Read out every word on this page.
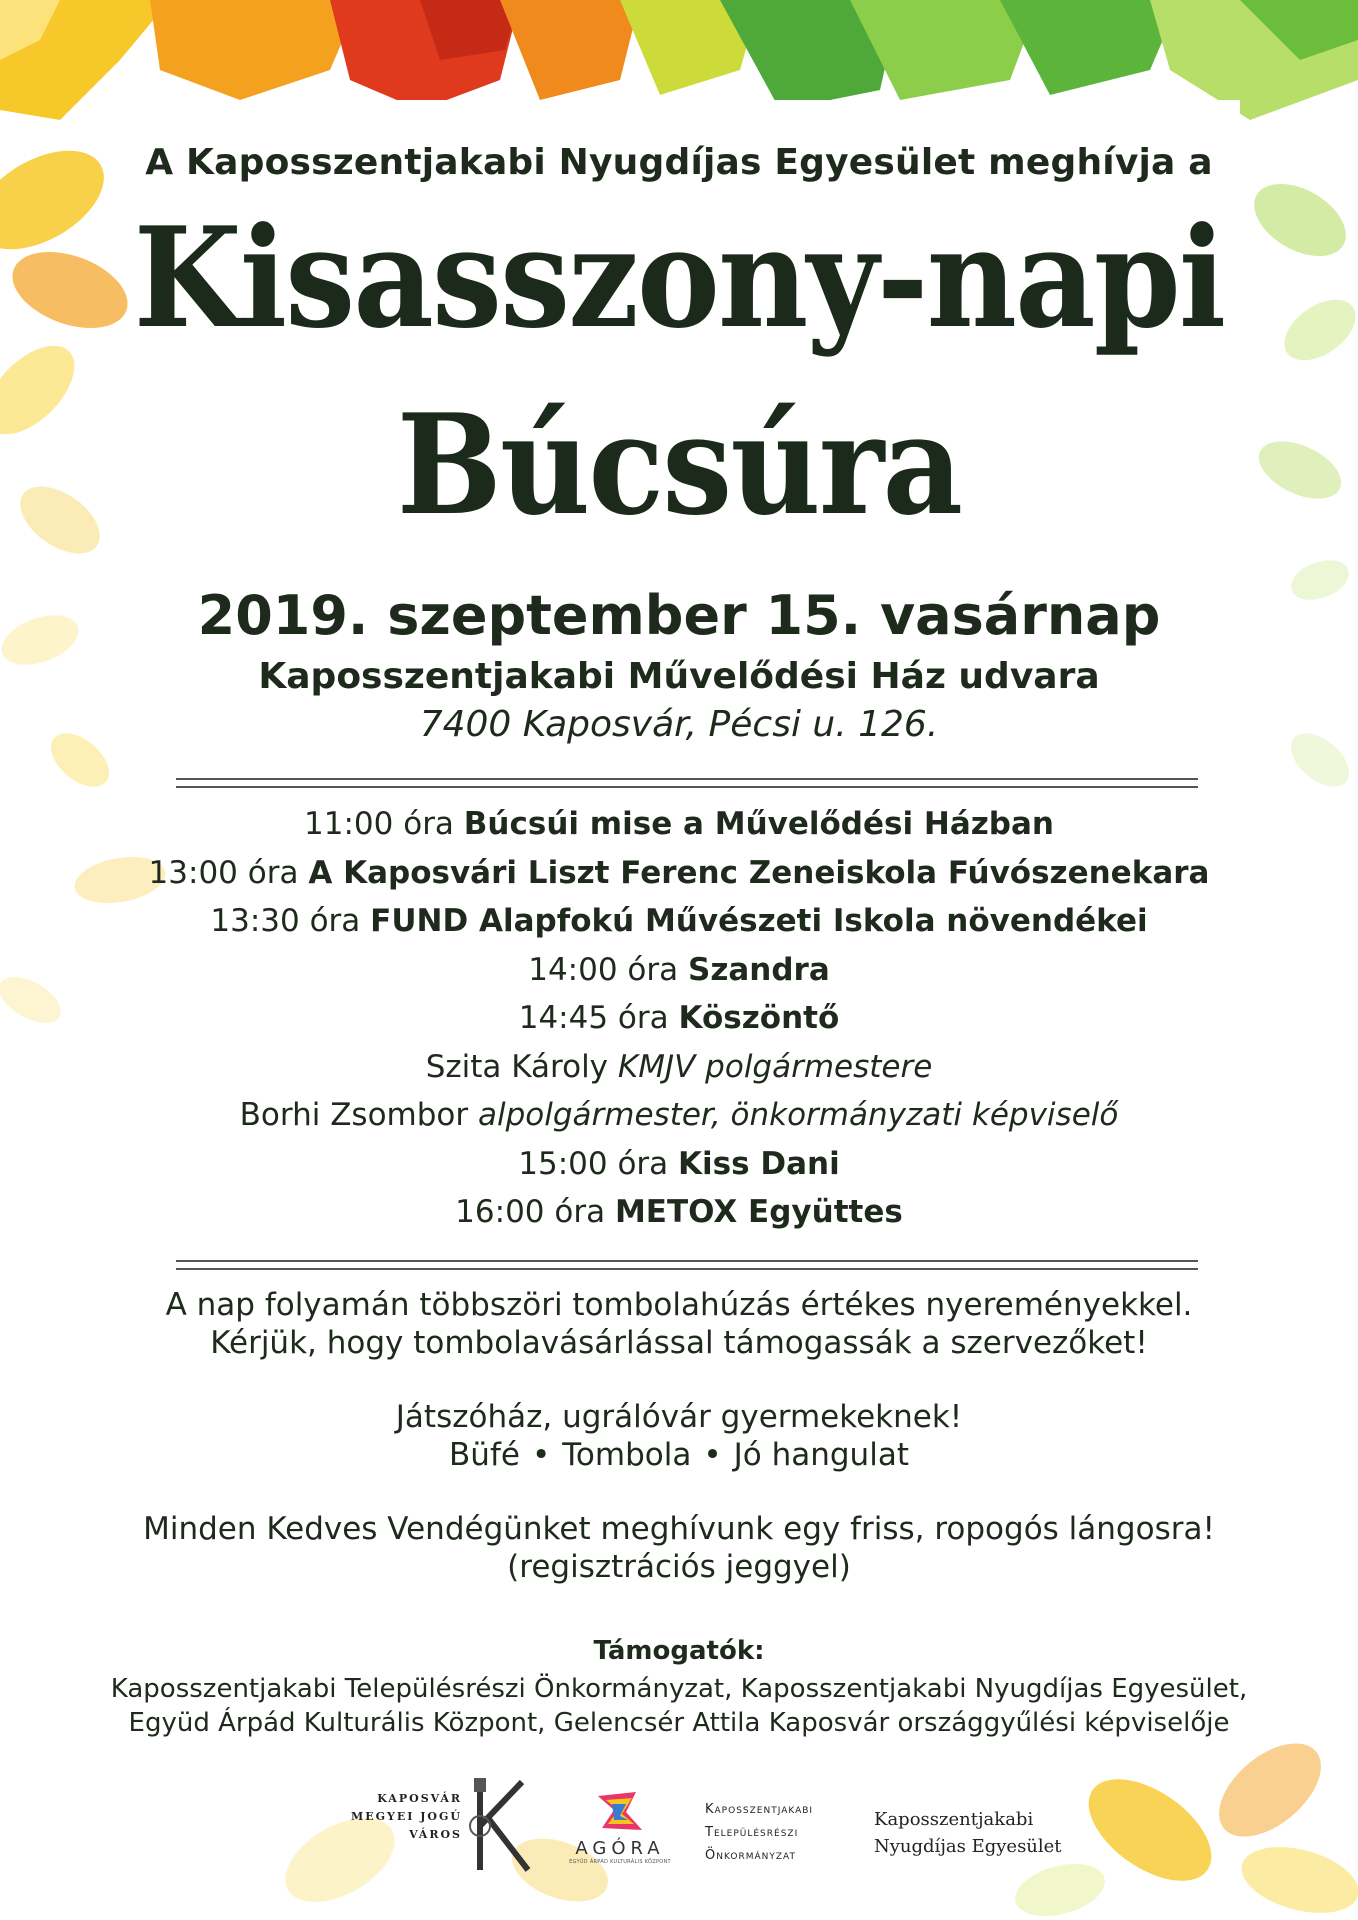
A Kaposszentjakabi Nyugdíjas Egyesület meghívja a
Kisasszony-napi
Búcsúra
2019. szeptember 15. vasárnap
Kaposszentjakabi Művelődési Ház udvara
7400 Kaposvár, Pécsi u. 126.
11:00 óra Búcsúi mise a Művelődési Házban
13:00 óra A Kaposvári Liszt Ferenc Zeneiskola Fúvószenekara
13:30 óra FUND Alapfokú Művészeti Iskola növendékei
14:00 óra Szandra
14:45 óra Köszöntő
Szita Károly KMJV polgármestere
Borhi Zsombor alpolgármester, önkormányzati képviselő
15:00 óra Kiss Dani
16:00 óra METOX Együttes
A nap folyamán többszöri tombolahúzás értékes nyereményekkel.
Kérjük, hogy tombolavásárlással támogassák a szervezőket!
Játszóház, ugrálóvár gyermekeknek!
Büfé • Tombola • Jó hangulat
Minden Kedves Vendégünket meghívunk egy friss, ropogós lángosra!
(regisztrációs jeggyel)
Támogatók:
Kaposszentjakabi Településrészi Önkormányzat, Kaposszentjakabi Nyugdíjas Egyesület,
Együd Árpád Kulturális Központ, Gelencsér Attila Kaposvár országgyűlési képviselője
KAPOSVÁR
MEGYEI JOGÚ
VÁROS
AGÓRA
EGYÜD ÁRPÁD KULTURÁLIS KÖZPONT
Kaposszentjakabi
Településrészi
Önkormányzat
Kaposszentjakabi
Nyugdíjas Egyesület
